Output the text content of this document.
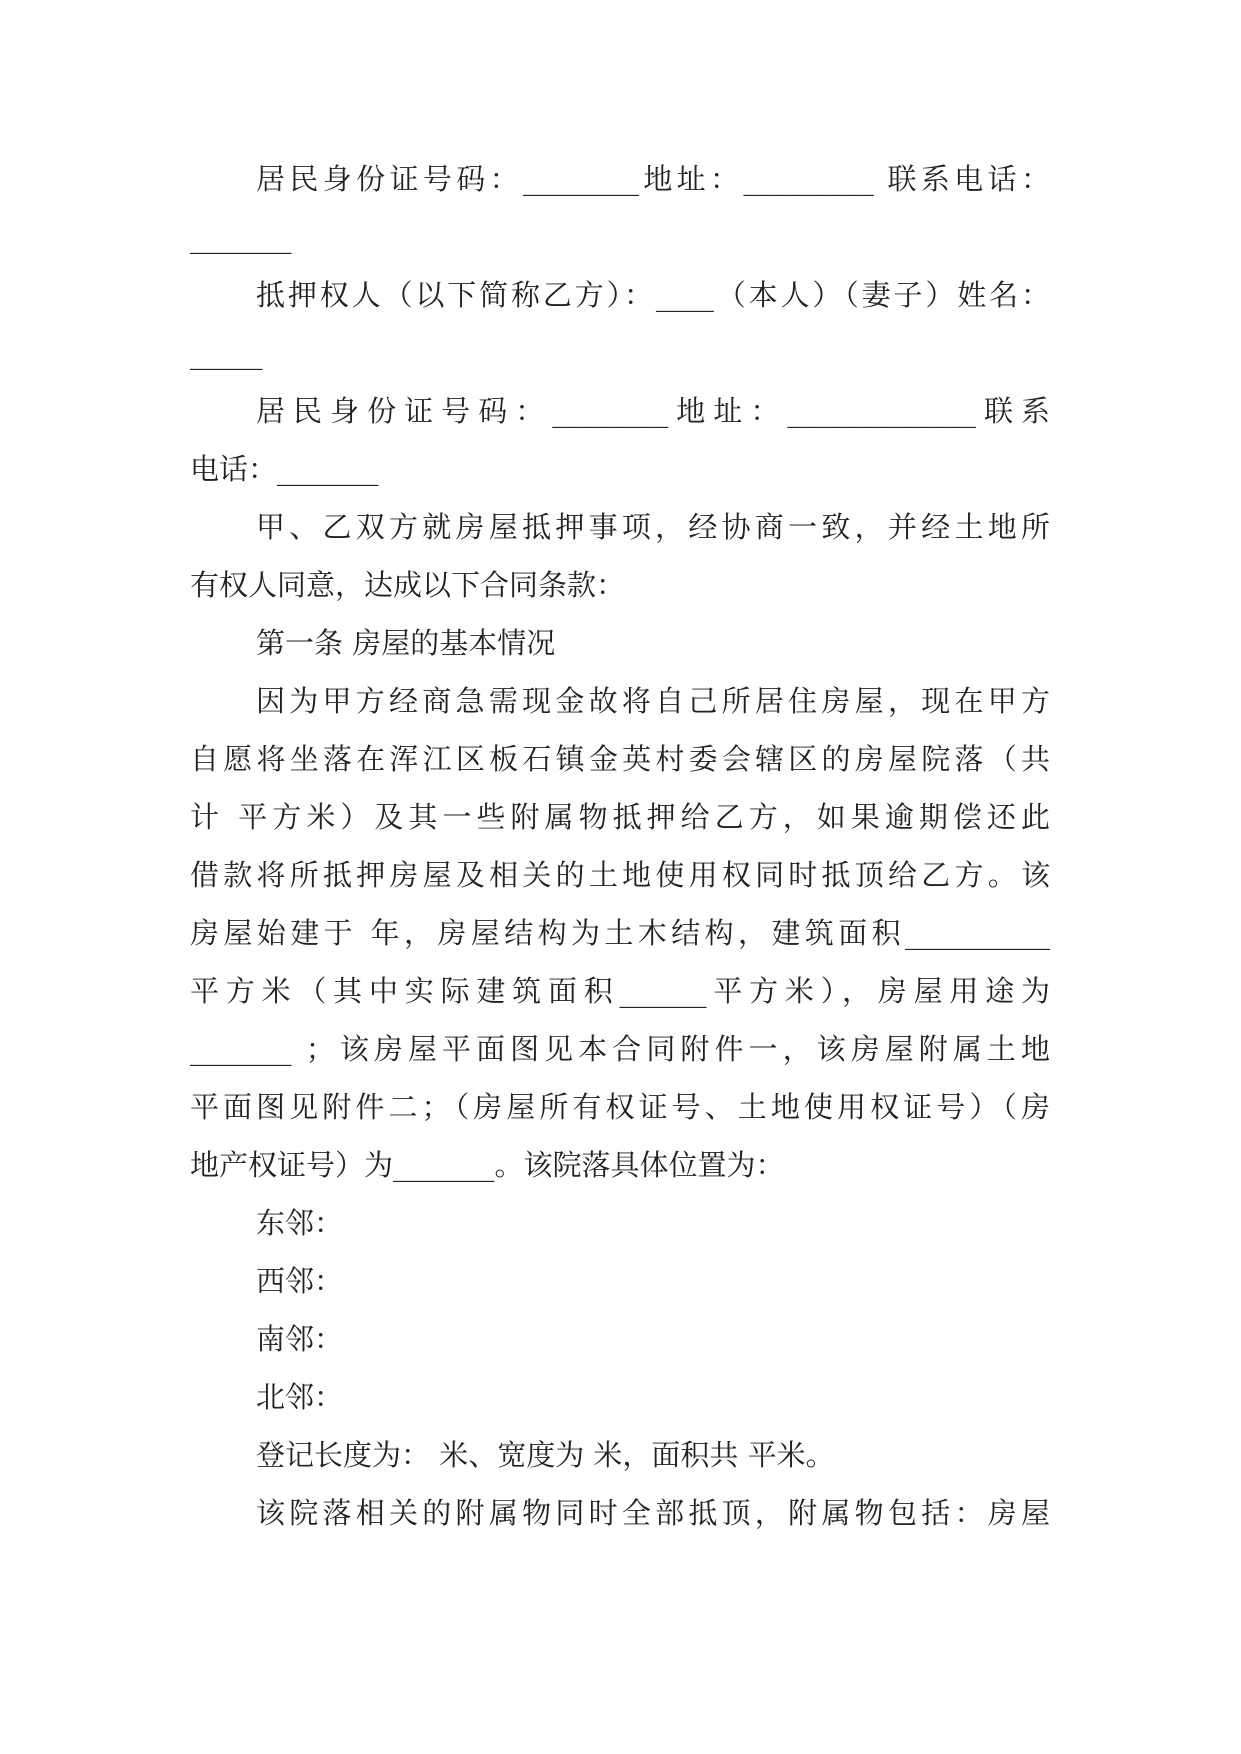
居民身份证号码：________地址：_________ 联系电话：
_______
抵押权人（以下简称乙方）：____（本人）（妻子）姓名：
_____
居民身份证号码：________地址：_____________联系
电话：_______
甲、乙双方就房屋抵押事项，经协商一致，并经土地所
有权人同意，达成以下合同条款：
第一条 房屋的基本情况
因为甲方经商急需现金故将自己所居住房屋，现在甲方
自愿将坐落在浑江区板石镇金英村委会辖区的房屋院落（共
计 平方米）及其一些附属物抵押给乙方，如果逾期偿还此
借款将所抵押房屋及相关的土地使用权同时抵顶给乙方。该
房屋始建于 年，房屋结构为土木结构，建筑面积__________
平方米（其中实际建筑面积______平方米），房屋用途为
_______ ；该房屋平面图见本合同附件一，该房屋附属土地
平面图见附件二；（房屋所有权证号、土地使用权证号）（房
地产权证号）为_______。该院落具体位置为：
东邻：
西邻：
南邻：
北邻：
登记长度为： 米、宽度为 米，面积共 平米。
该院落相关的附属物同时全部抵顶，附属物包括：房屋
